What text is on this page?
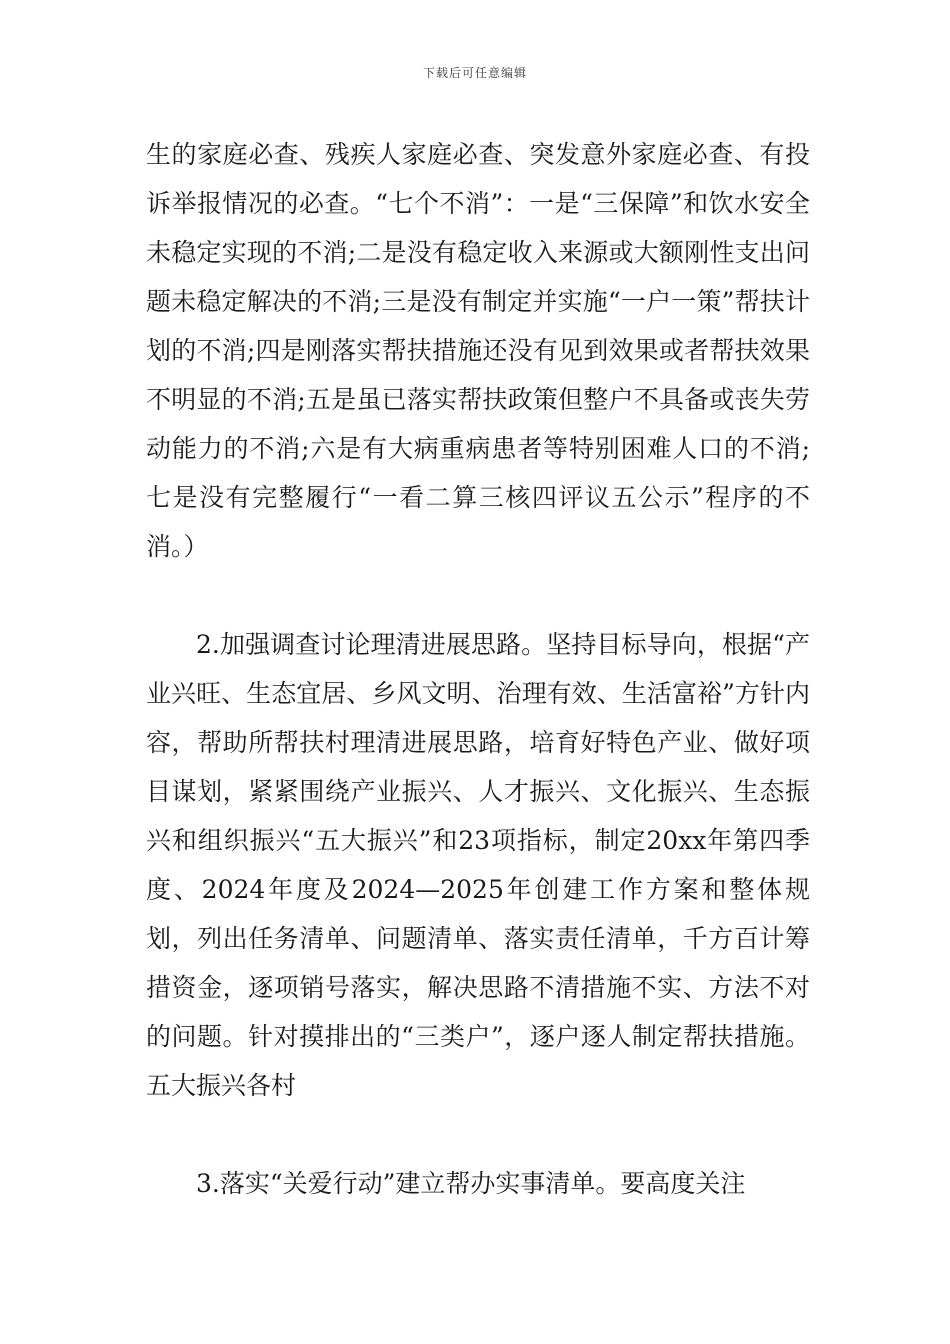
下载后可任意编辑

生的家庭必查、残疾人家庭必查、突发意外家庭必查、有投诉举报情况的必查。“七个不消”：一是“三保障”和饮水安全未稳定实现的不消;二是没有稳定收入来源或大额刚性支出问题未稳定解决的不消;三是没有制定并实施“一户一策”帮扶计划的不消;四是刚落实帮扶措施还没有见到效果或者帮扶效果不明显的不消;五是虽已落实帮扶政策但整户不具备或丧失劳动能力的不消;六是有大病重病患者等特别困难人口的不消;七是没有完整履行“一看二算三核四评议五公示”程序的不消。）

2.加强调查讨论理清进展思路。坚持目标导向，根据“产业兴旺、生态宜居、乡风文明、治理有效、生活富裕”方针内容，帮助所帮扶村理清进展思路，培育好特色产业、做好项目谋划，紧紧围绕产业振兴、人才振兴、文化振兴、生态振兴和组织振兴“五大振兴”和23项指标，制定20xx年第四季度、2024年度及2024—2025年创建工作方案和整体规划，列出任务清单、问题清单、落实责任清单，千方百计筹措资金，逐项销号落实，解决思路不清措施不实、方法不对的问题。针对摸排出的“三类户”，逐户逐人制定帮扶措施。五大振兴各村

3.落实“关爱行动”建立帮办实事清单。要高度关注
